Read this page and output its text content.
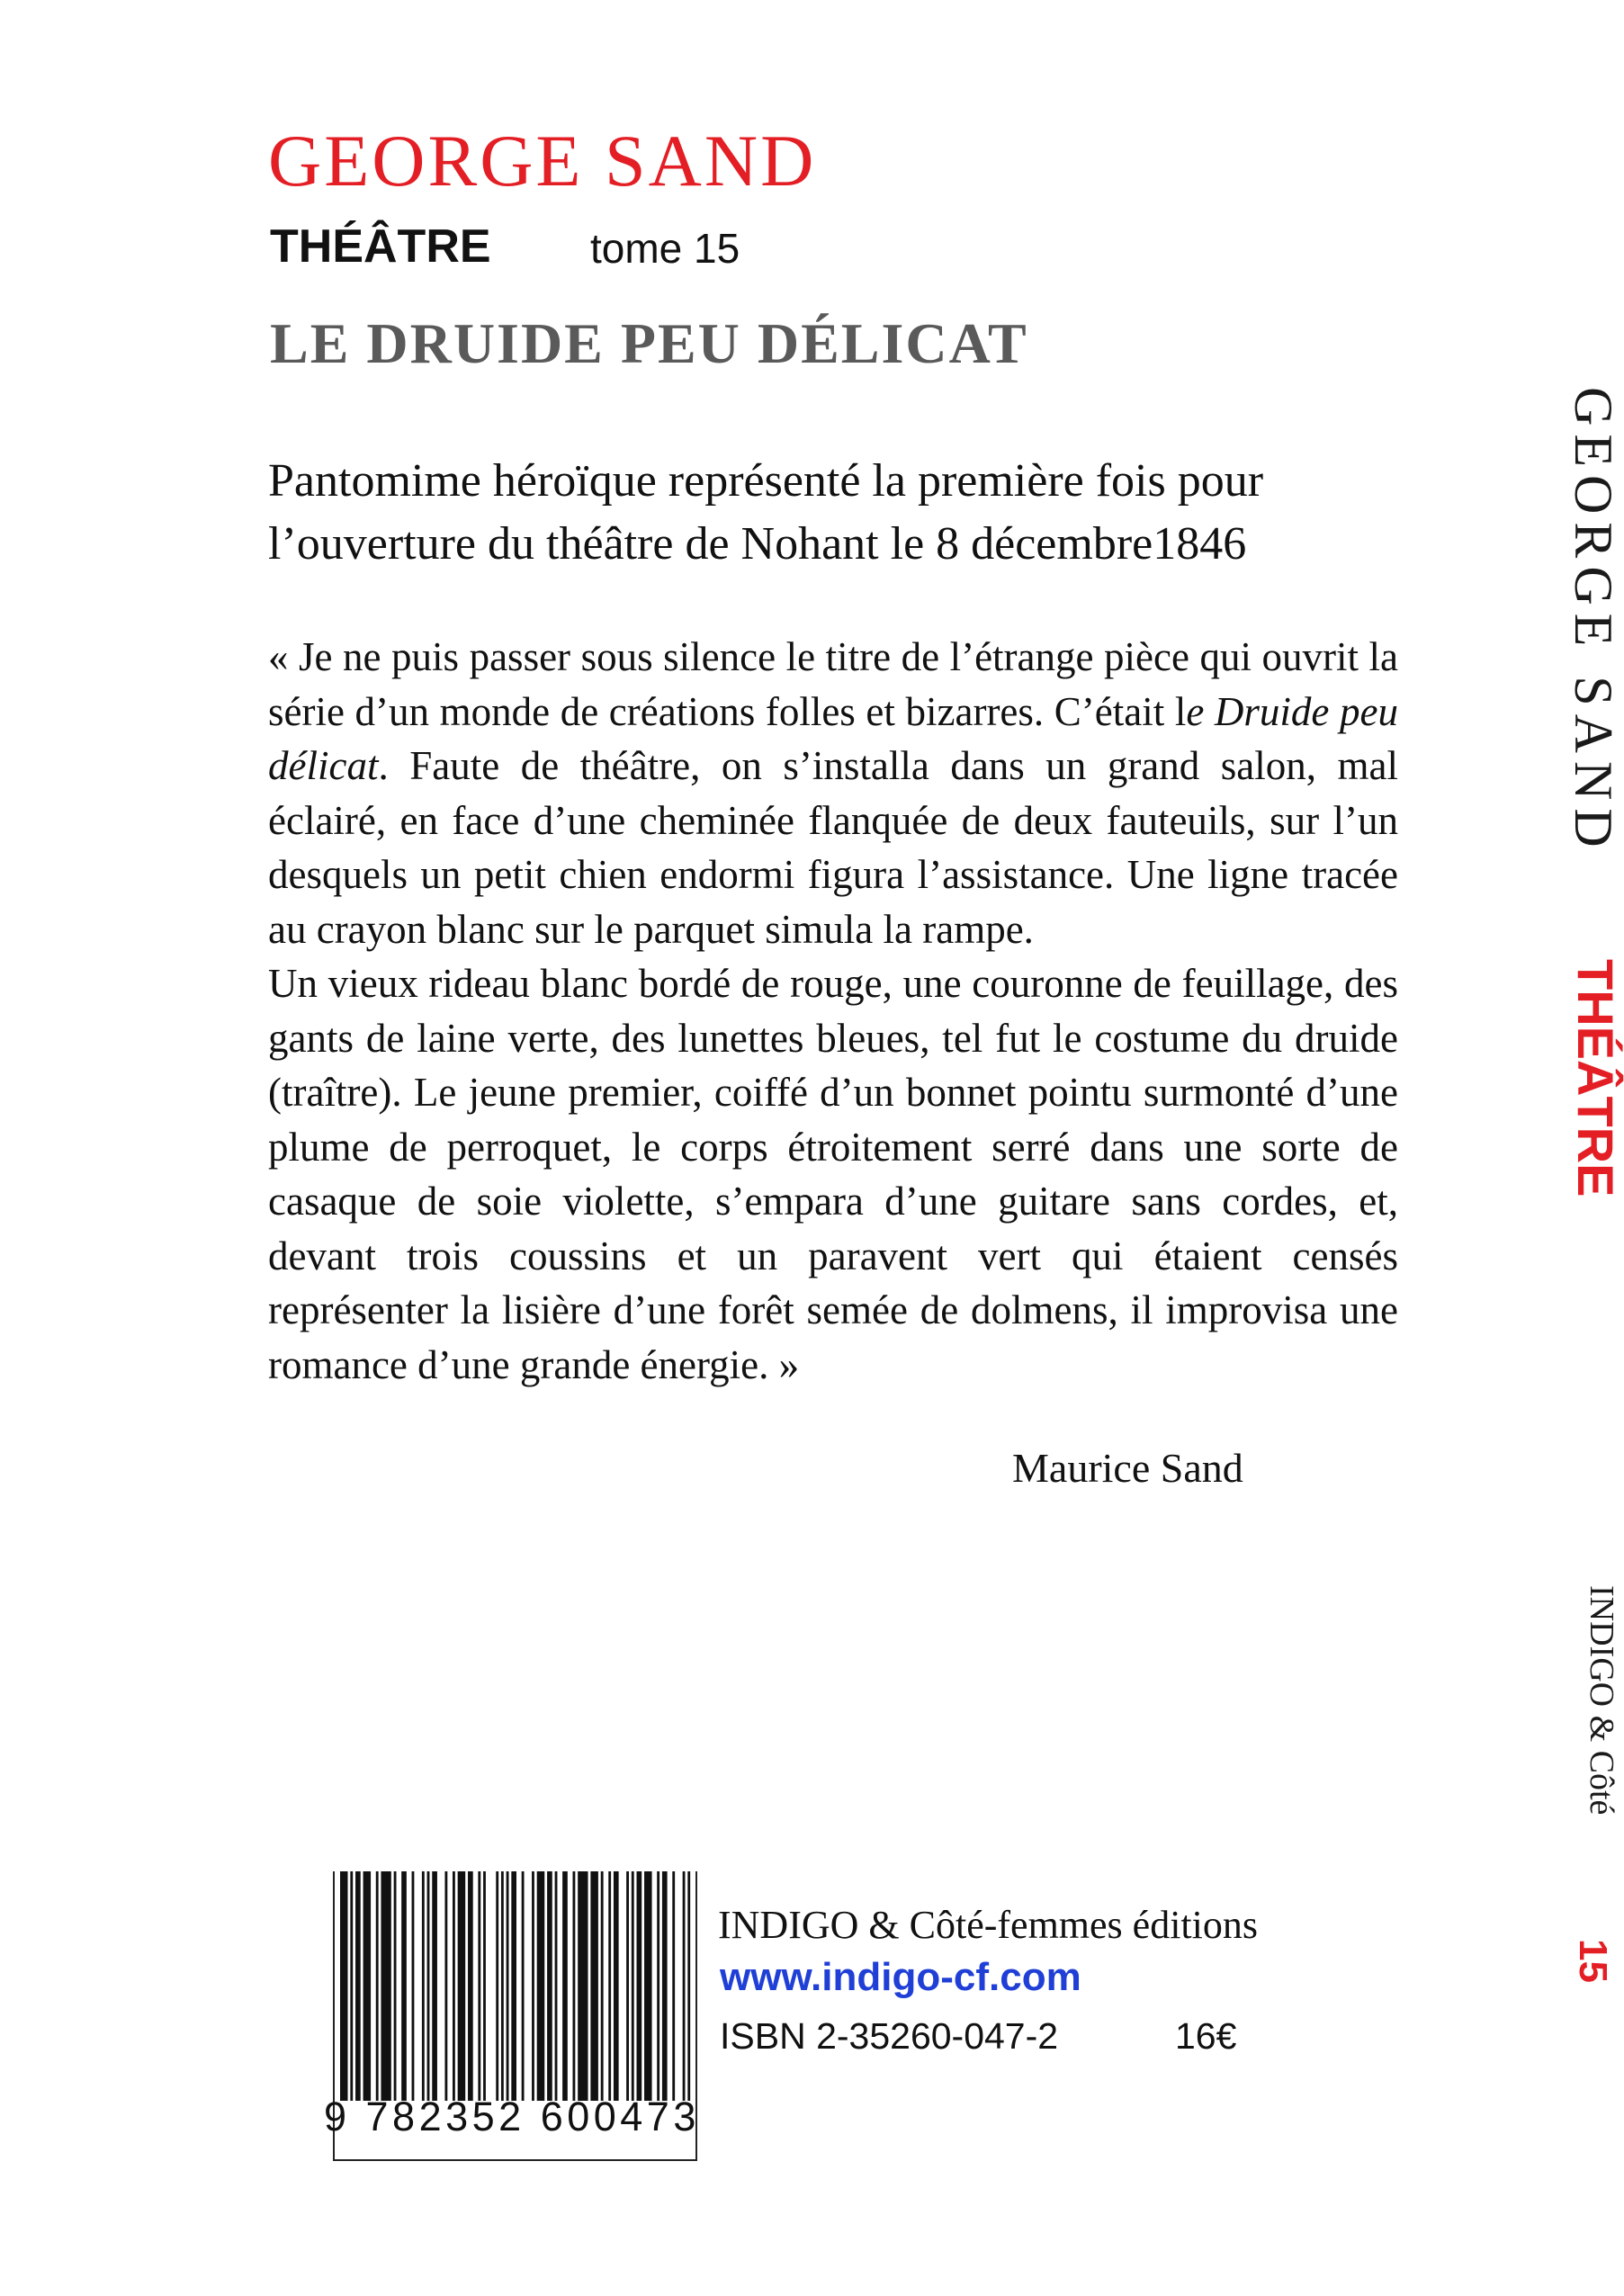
GEORGE SAND
THÉÂTRE tome 15
LE DRUIDE PEU DÉLICAT

Pantomime héroïque représenté la première fois pour l’ouverture du théâtre de Nohant le 8 décembre1846

« Je ne puis passer sous silence le titre de l’étrange pièce qui ouvrit la série d’un monde de créations folles et bizarres. C’était le Druide peu délicat. Faute de théâtre, on s’installa dans un grand salon, mal éclairé, en face d’une cheminée flanquée de deux fauteuils, sur l’un desquels un petit chien endormi figura l’assistance. Une ligne tracée au crayon blanc sur le parquet simula la rampe.

Un vieux rideau blanc bordé de rouge, une couronne de feuillage, des gants de laine verte, des lunettes bleues, tel fut le costume du druide (traître). Le jeune premier, coiffé d’un bonnet pointu surmonté d’une plume de perroquet, le corps étroitement serré dans une sorte de casaque de soie violette, s’empara d’une guitare sans cordes, et, devant trois coussins et un paravent vert qui étaient censés représenter la lisière d’une forêt semée de dolmens, il improvisa une romance d’une grande énergie. »

Maurice Sand
9 782352 600473
INDIGO & Côté-femmes éditions
www.indigo-cf.com
ISBN 2-35260-047-2	16€
GEORGE SAND
THÉÂTRE
INDIGO & Côté
15
